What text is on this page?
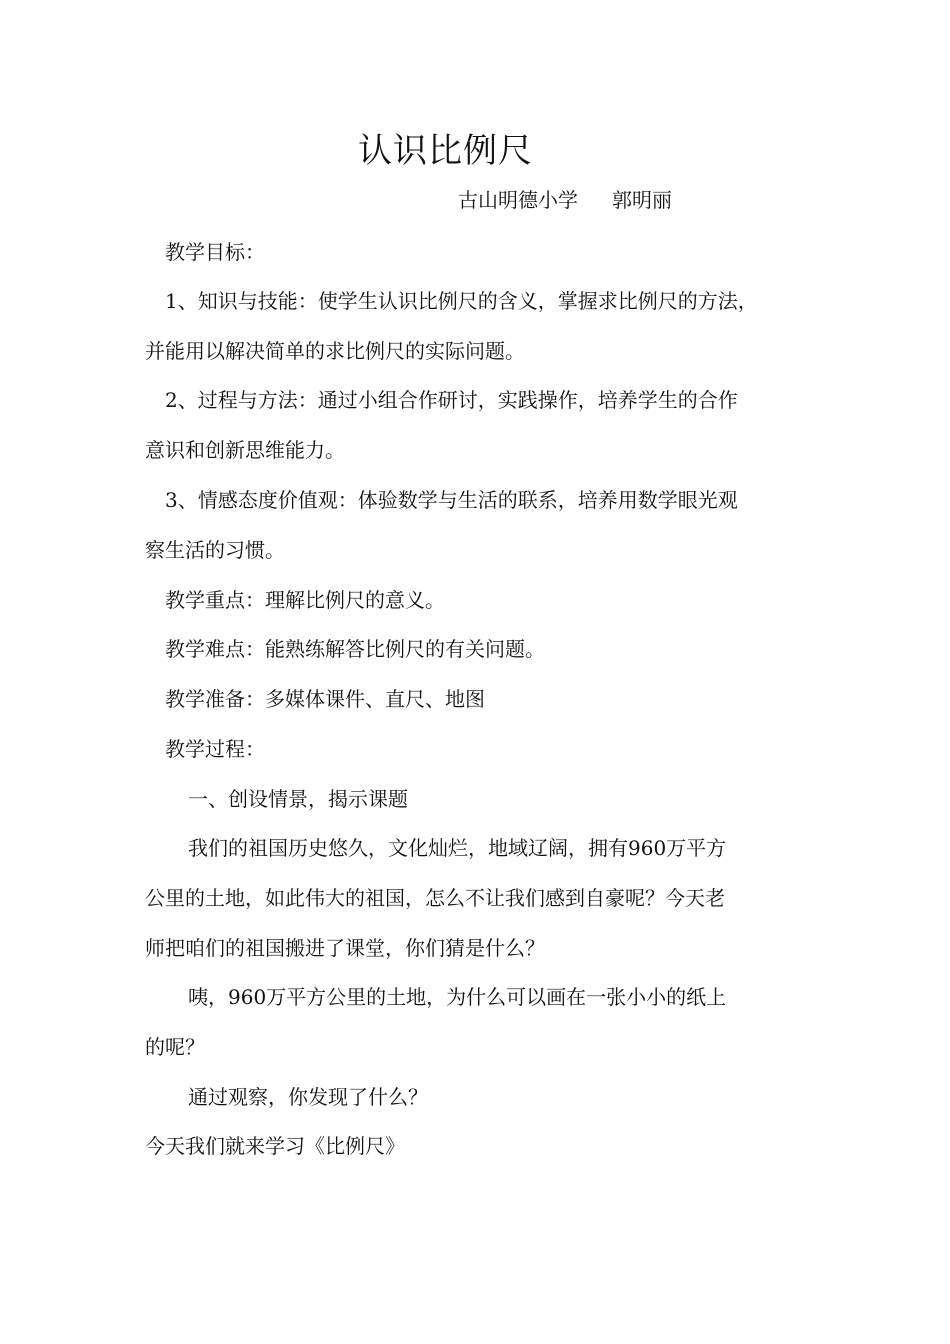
认识比例尺
古山明德小学 郭明丽
教学目标：
1、知识与技能：使学生认识比例尺的含义，掌握求比例尺的方法，
并能用以解决简单的求比例尺的实际问题。
2、过程与方法：通过小组合作研讨，实践操作，培养学生的合作
意识和创新思维能力。
3、情感态度价值观：体验数学与生活的联系，培养用数学眼光观
察生活的习惯。
教学重点：理解比例尺的意义。
教学难点：能熟练解答比例尺的有关问题。
教学准备：多媒体课件、直尺、地图
教学过程：
一、创设情景，揭示课题
我们的祖国历史悠久，文化灿烂，地域辽阔，拥有960万平方
公里的土地，如此伟大的祖国，怎么不让我们感到自豪呢？今天老
师把咱们的祖国搬进了课堂，你们猜是什么？
咦，960万平方公里的土地，为什么可以画在一张小小的纸上
的呢？
通过观察，你发现了什么？
今天我们就来学习《比例尺》
